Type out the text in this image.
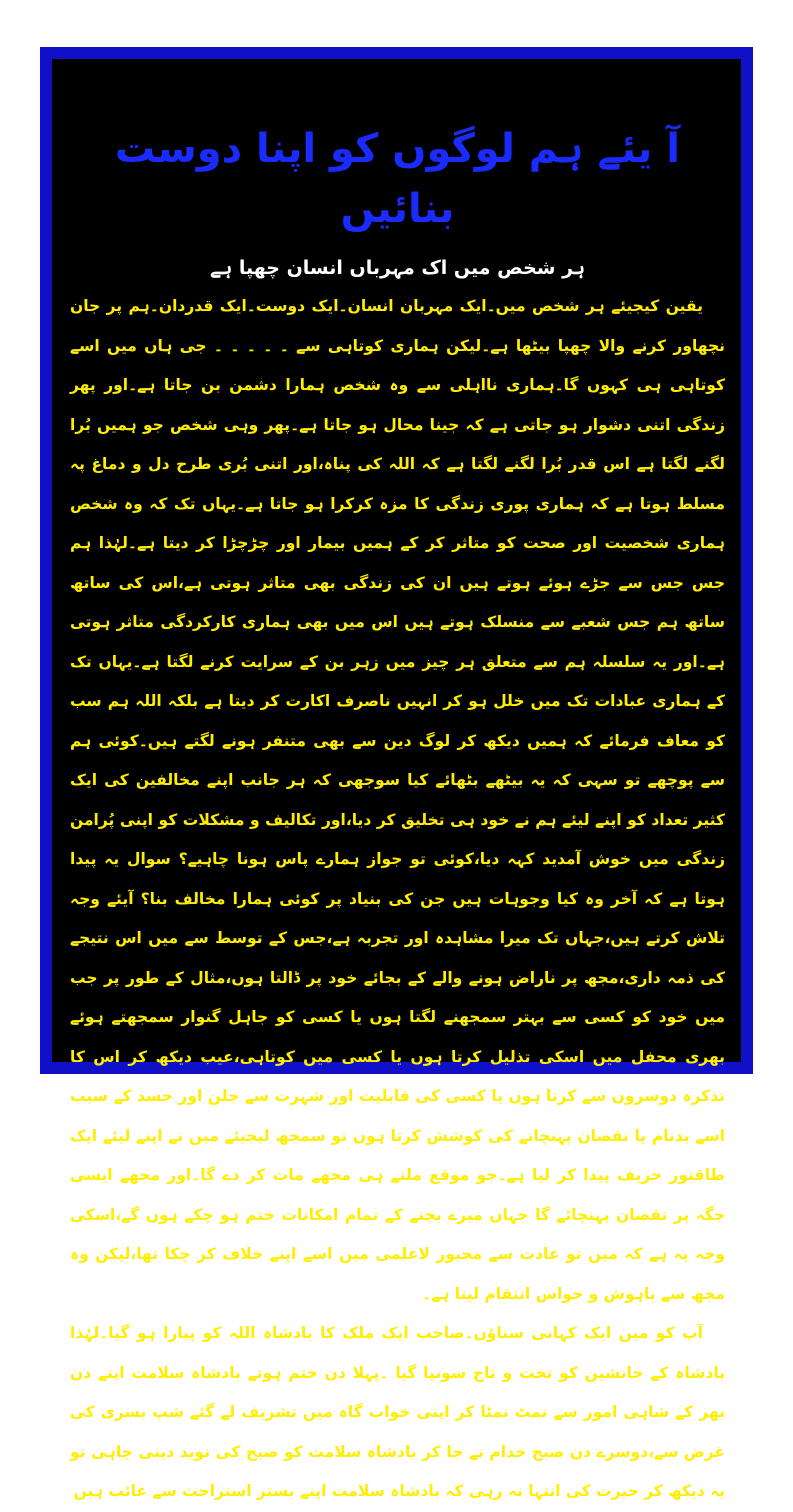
آ یئے ہم لوگوں کو اپنا دوست بنائیں
ہر شخص میں اک مہرباں انسان چھپا ہے

یقین کیجیئے ہر شخص میں۔ایک مہربان انسان۔ایک دوست۔ایک قدردان۔ہم پر جان نچھاور کرنے والا چھپا بیٹھا ہے۔لیکن ہماری کوتاہی سے ۔ ۔ ۔ ۔ ۔ جی ہاں میں اسے کوتاہی ہی کہوں گا۔ہماری نااہلی سے وہ شخص ہمارا دشمن بن جاتا ہے۔اور پھر زندگی اتنی دشوار ہو جاتی ہے کہ جینا محال ہو جاتا ہے۔پھر وہی شخص جو ہمیں بُرا لگنے لگتا ہے اس قدر بُرا لگنے لگتا ہے کہ اللہ کی پناہ،اور اتنی بُری طرح دل و دماغ پہ مسلط ہوتا ہے کہ ہماری پوری زندگی کا مزہ کرکرا ہو جاتا ہے۔یہاں تک کہ وہ شخص ہماری شخصیت اور صحت کو متاثر کر کے ہمیں بیمار اور چڑچڑا کر دیتا ہے۔لہٰذا ہم جس جس سے جڑے ہوئے ہوتے ہیں ان کی زندگی بھی متاثر ہوتی ہے،اس کی ساتھ ساتھ ہم جس شعبے سے منسلک ہوتے ہیں اس میں بھی ہماری کارکردگی متاثر ہوتی ہے۔اور یہ سلسلہ ہم سے متعلق ہر چیز میں زہر بن کے سرایت کرنے لگتا ہے۔یہاں تک کے ہماری عبادات تک میں خلل ہو کر انہیں ناصرف اکارت کر دیتا ہے بلکہ اللہ ہم سب کو معاف فرمائے کہ ہمیں دیکھ کر لوگ دین سے بھی متنفر ہونے لگتے ہیں۔کوئی ہم سے پوچھے تو سہی کہ یہ بیٹھے بٹھائے کیا سوجھی کہ ہر جانب اپنے مخالفین کی ایک کثیر تعداد کو اپنے لیئے ہم نے خود ہی تخلیق کر دیا،اور تکالیف و مشکلات کو اپنی پُرامن زندگی میں خوش آمدید کہہ دیا،کوئی تو جواز ہمارے پاس ہونا چاہیے؟ سوال یہ پیدا ہوتا ہے کہ آخر وہ کیا وجوہات ہیں جن کی بنیاد پر کوئی ہمارا مخالف بنا؟ آیئے وجہ تلاش کرتے ہیں،جہاں تک میرا مشاہدہ اور تجربہ ہے،جس کے توسط سے میں اس نتیجے کی ذمہ داری،مجھ پر ناراض ہونے والے کے بجائے خود پر ڈالتا ہوں،مثال کے طور پر جب میں خود کو کسی سے بہتر سمجھنے لگتا ہوں یا کسی کو جاہل گنوار سمجھتے ہوئے بھری محفل میں اسکی تذلیل کرتا ہوں یا کسی میں کوتاہی،عیب دیکھ کر اس کا تذکرہ دوسروں سے کرتا ہوں یا کسی کی قابلیت اور شہرت سے جلن اور حسد کے سبب اسے بدنام یا نقصان پہنچانے کی کوشش کرتا ہوں تو سمجھ لیجیئے میں نے اپنے لیئے ایک طاقتور حریف پیدا کر لیا ہے۔جو موقع ملتے ہی مجھے مات کر دے گا۔اور مجھے ایسی جگہ پر نقصان پہنچائے گا جہاں میرے بچنے کے تمام امکانات ختم ہو چکے ہوں گے،اسکی وجہ یہ ہے کہ میں تو عادت سے مجبور لاعلمی میں اسے اپنے خلاف کر چکا تھا،لیکن وہ مجھ سے باہوش و حواس انتقام لیتا ہے۔

آپ کو میں ایک کہانی سناؤں۔صاحب ایک ملک کا بادشاہ اللہ کو پیارا ہو گیا۔لہٰذا بادشاہ کے جانشین کو تخت و تاج سونپا گیا ۔پہلا دن ختم ہوتے بادشاہ سلامت اپنے دن بھر کے شاہی امور سے نمٹ نمٹا کر اپنی خواب گاہ میں تشریف لے گئے شب بسری کی غرض سے،دوسرے دن صبح خدام نے جا کر بادشاہ سلامت کو صبح کی نوید دینی چاہی تو یہ دیکھ کر حیرت کی انتہا نہ رہی کہ بادشاہ سلامت اپنے بستر استراحت سے غائب ہیں
